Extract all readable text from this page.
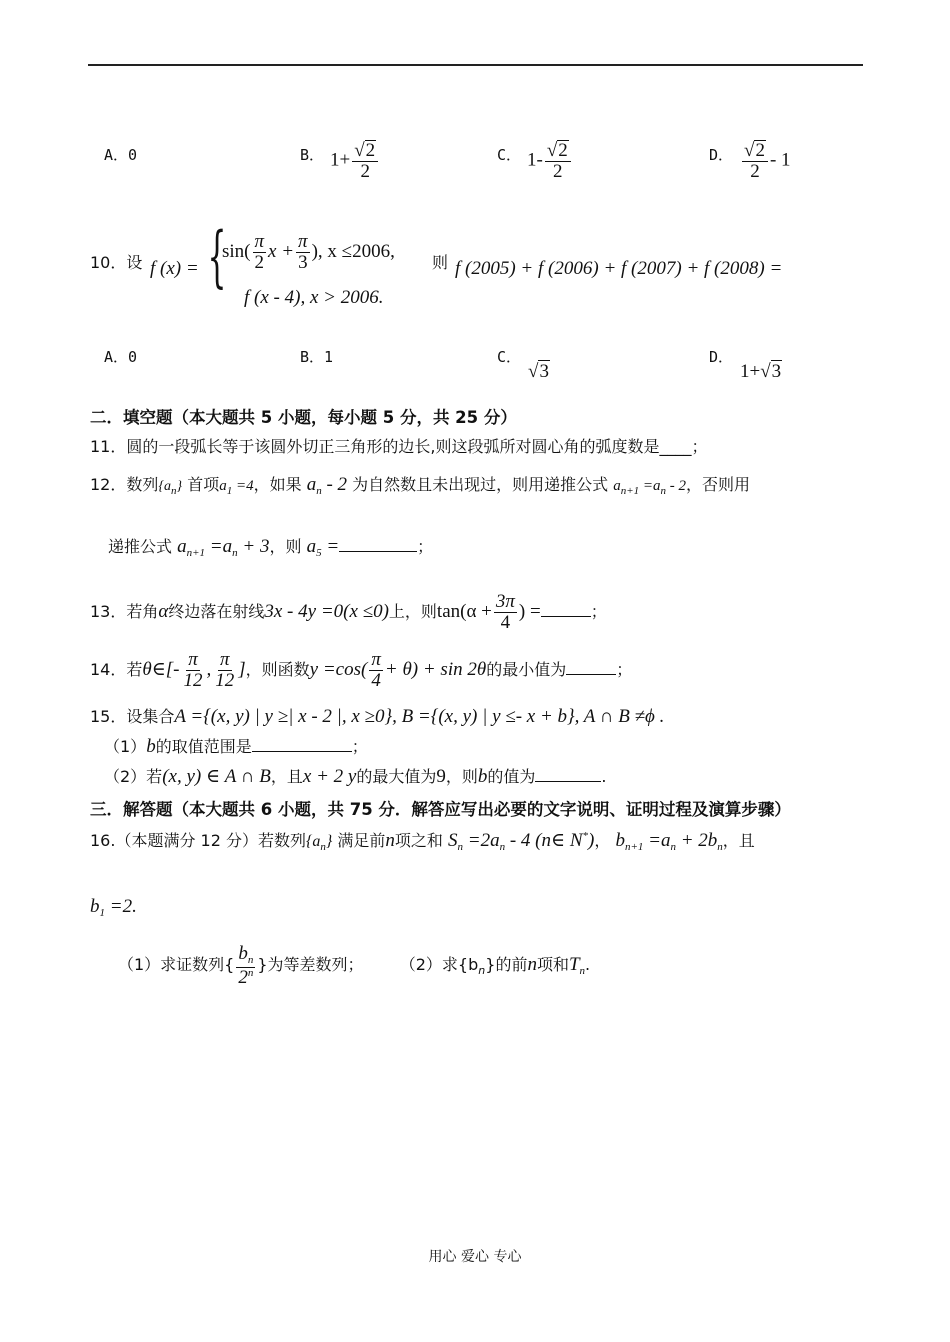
A．0	B． $1+ \frac{√ 2}{2}$	C． $1- \frac{√ 2}{2}$	D． $\frac{√ 2}{2} - 1$
10．设 f (x) = {
$\sin( \frac{\pi}{2}$ $x + \frac{\pi}{3}$ ), x ≤2006,
f (x - 4), x > 2006.
则 f (2005) + f (2006) + f (2007) + f (2008) =
A．0	B．1	C．
√ 3
D．
1+√ 3
二．填空题（本大题共 5 小题，每小题 5 分，共 25 分）
11．圆的一段弧长等于该圆外切正三角形的边长,则这段弧所对圆心角的弧度数是____；
12．数列$\{a_n\}$ 首项$a_1 =4$，如果 $a_n - 2$ 为自然数且未出现过，则用递推公式 $a_{n+1} =a_n - 2$，否则用
递推公式 $a_{n+1} =a_n + 3$，则 $a_5$ =	；
13．若角α终边落在射线3x - 4y =0(x ≤0)上，则$\tan(\alpha + \frac{3\pi}{4}$ ) =	；
14．若θ∈[- $\frac{\pi}{12}$ , $\frac{\pi}{12}$ ]，则函数$y =\cos( \frac{\pi}{4} + \theta) + \sin 2\theta$的最小值为	；
15．设集合A ={(x, y) | y ≥| x - 2 |, x ≥0}, B ={(x, y) | y ≤- x + b}, A ∩ B ≠ϕ .
（1）b的取值范围是	；
（2）若(x, y) ∈ A ∩ B，且x + 2 y的最大值为9，则b的值为	.
三．解答题（本大题共 6 小题，共 75 分．解答应写出必要的文字说明、证明过程及演算步骤）
16.（本题满分 12 分）若数列$\{a_n\}$ 满足前n项之和 $S_n =2a_n - 4$ (n∈ N*)， $b_{n+1} =a_n + 2b_n$，且
$b_1 =2$.
（1）求证数列{ $\frac{b_n}{2^n}$ }为等差数列； （2）求$\{b_n\}$的前n项和$T_n$.
用心 爱心 专心
